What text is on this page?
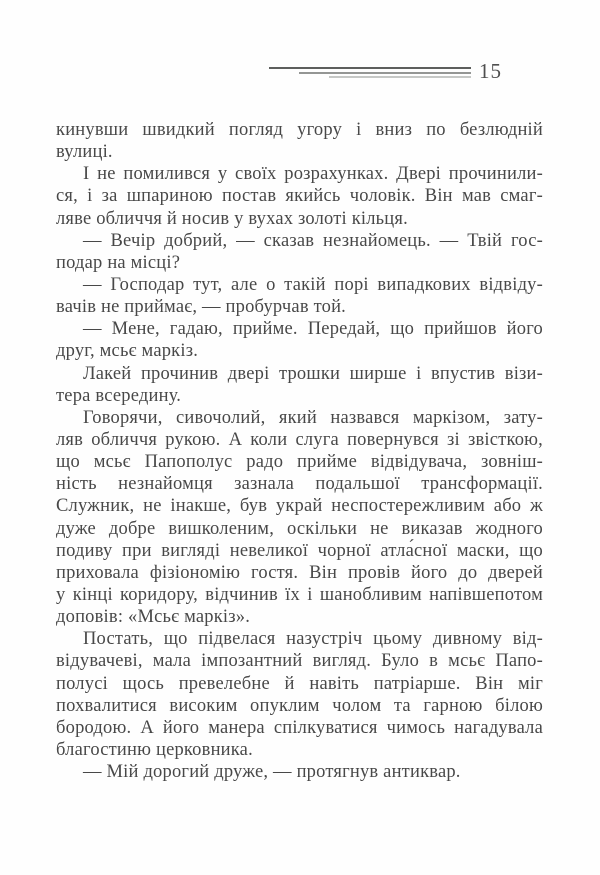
15
кинувши швидкий погляд угору і вниз по безлюдній
вулиці.
І не помилився у своїх розрахунках. Двері прочинили-
ся, і за шпариною постав якийсь чоловік. Він мав смаг-
ляве обличчя й носив у вухах золоті кільця.
— Вечір добрий, — сказав незнайомець. — Твій гос-
подар на місці?
— Господар тут, але о такій порі випадкових відвіду-
вачів не приймає, — пробурчав той.
— Мене, гадаю, прийме. Передай, що прийшов його
друг, мсьє маркіз.
Лакей прочинив двері трошки ширше і впустив візи-
тера всередину.
Говорячи, сивочолий, який назвався маркізом, зату-
ляв обличчя рукою. А коли слуга повернувся зі звісткою,
що мсьє Папополус радо прийме відвідувача, зовніш-
ність незнайомця зазнала подальшої трансформації.
Служник, не інакше, був украй неспостережливим або ж
дуже добре вишколеним, оскільки не виказав жодного
подиву при вигляді невеликої чорної атла́сної маски, що
приховала фізіономію гостя. Він провів його до дверей
у кінці коридору, відчинив їх і шанобливим напівшепотом
доповів: «Мсьє маркіз».
Постать, що підвелася назустріч цьому дивному від-
відувачеві, мала імпозантний вигляд. Було в мсьє Папо-
полусі щось превелебне й навіть патріарше. Він міг
похвалитися високим опуклим чолом та гарною білою
бородою. А його манера спілкуватися чимось нагадувала
благостиню церковника.
— Мій дорогий друже, — протягнув антиквар.
